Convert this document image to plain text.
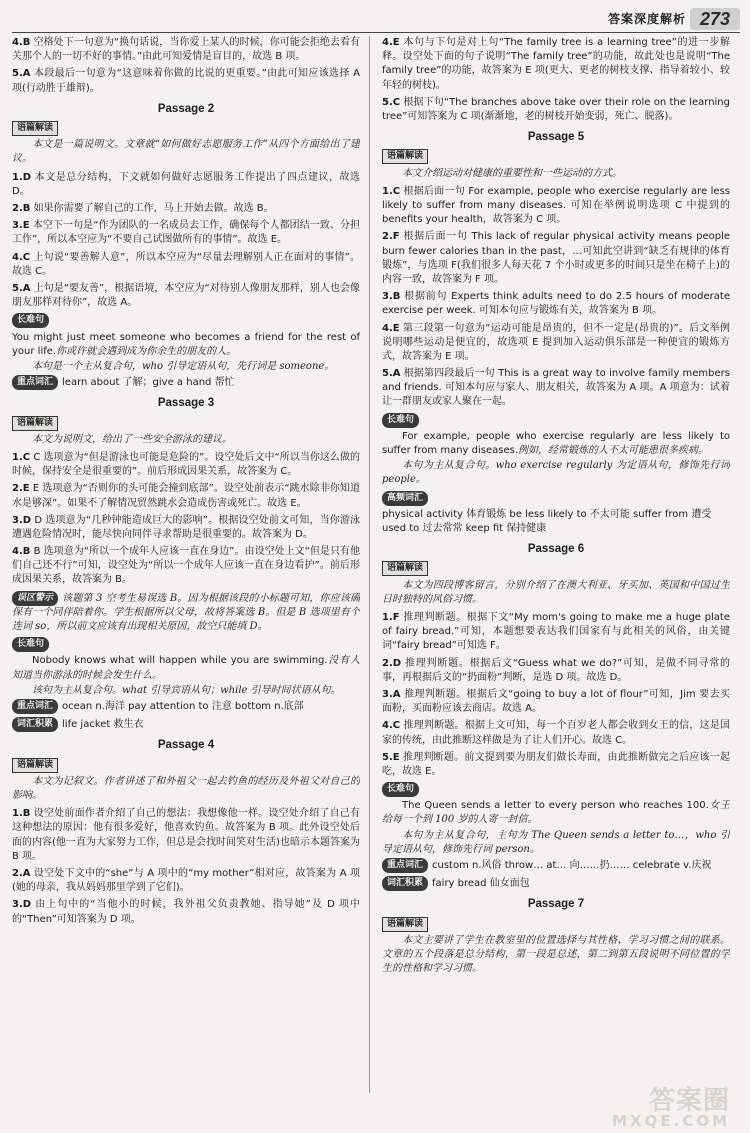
答案深度解析 273
4.B 空格处下一句意为“换句话说，当你爱上某人的时候，你可能会拒绝去看有关那个人的一切不好的事情。”由此可知爱情是盲目的，故选 B 项。
5.A 本段最后一句意为“这意味着你做的比说的更重要。”由此可知应该选择 A 项(行动胜于雄辩)。
Passage 2
语篇解读
本文是一篇说明文。文章就“如何做好志愿服务工作”从四个方面给出了建议。
1.D 本文是总分结构，下文就如何做好志愿服务工作提出了四点建议，故选 D。
2.B 如果你需要了解自己的工作，马上开始去做。故选 B。
3.E 本空下一句是“作为团队的一名成员去工作，确保每个人都团结一致、分担工作”，所以本空应为“不要自己试图做所有的事情”。故选 E。
4.C 上句说“要善解人意”，所以本空应为“尽量去理解别人正在面对的事情”。故选 C。
5.A 上句是“要友善”，根据语境，本空应为“对待别人像朋友那样，别人也会像朋友那样对待你”，故选 A。
长难句
You might just meet someone who becomes a friend for the rest of your life.你或许就会遇到成为你余生的朋友的人。
本句是一个主从复合句，who 引导定语从句，先行词是 someone。
重点词汇 learn about 了解；give a hand 帮忙
Passage 3
语篇解读
本文为说明文，给出了一些安全游泳的建议。
1.C C 选项意为“但是游泳也可能是危险的”。设空处后文中“所以当你这么做的时候，保持安全是很重要的”。前后形成因果关系，故答案为 C。
2.E E 选项意为“否则你的头可能会撞到底部”。设空处前表示“跳水除非你知道水是够深”。如果不了解情况贸然跳水会造成伤害或死亡。故选 E。
3.D D 选项意为“几秒钟能造成巨大的影响”。根据设空处前文可知，当你游泳遭遇危险情况时，能尽快向同伴寻求帮助是很重要的。故答案为 D。
4.B B 选项意为“所以一个成年人应该一直在身边”。由设空处上文“但是只有他们自己还不行”可知，设空处为“所以一个成年人应该一直在身边看护”。前后形成因果关系，故答案为 B。
误区警示 该题第 3 空考生易误选 B。因为根据该段的小标题可知，你应该确保有一个同伴陪着你。学生根据所以父母，故将答案选 B。但是 B 选项里有个连词 so，所以前文应该有出现相关原因，故空只能填 D。
长难句
Nobody knows what will happen while you are swimming.没有人知道当你游泳的时候会发生什么。
该句为主从复合句。what 引导宾语从句；while 引导时间状语从句。
重点词汇 ocean n.海洋 pay attention to 注意 bottom n.底部
词汇积累 life jacket 救生衣
Passage 4
语篇解读
本文为记叙文。作者讲述了和外祖父一起去钓鱼的经历及外祖父对自己的影响。
1.B 设空处前面作者介绍了自己的想法：我想像他一样。设空处介绍了自己有这种想法的原因：他有很多爱好，他喜欢钓鱼。故答案为 B 项。此外设空处后面的内容(他一直为大家努力工作，但总是会找时间笑对生活)也暗示本题答案为 B 项。
2.A 设空处下文中的“she”与 A 项中的“my mother”相对应，故答案为 A 项(她的母亲，我从妈妈那里学到了它们)。
3.D 由上句中的“当他小的时候，我外祖父负责教她、指导她”及 D 项中的“Then”可知答案为 D 项。
4.E 本句与下句是对上句“The family tree is a learning tree”的进一步解释。设空处下面的句子说明“The family tree”的功能，故此处也是说明“The family tree”的功能，故答案为 E 项(更大、更老的树枝支撑、指导着较小、较年轻的树枝)。
5.C 根据下句“The branches above take over their role on the learning tree”可知答案为 C 项(渐渐地，老的树枝开始变弱，死亡、脱落)。
Passage 5
语篇解读
本文介绍运动对健康的重要性和一些运动的方式。
1.C 根据后面一句 For example, people who exercise regularly are less likely to suffer from many diseases. 可知在举例说明选项 C 中提到的 benefits your health，故答案为 C 项。
2.F 根据后面一句 This lack of regular physical activity means people burn fewer calories than in the past，…可知此空讲到“缺乏有规律的体育锻炼”，与选项 F(我们很多人每天花 7 个小时或更多的时间只是坐在椅子上)的内容一致，故答案为 F 项。
3.B 根据前句 Experts think adults need to do 2.5 hours of moderate exercise per week. 可知本句应与锻炼有关，故答案为 B 项。
4.E 第三段第一句意为“运动可能是昂贵的，但不一定是(昂贵的)”。后文举例说明哪些运动是便宜的，故选项 E 提到加入运动俱乐部是一种便宜的锻炼方式，故答案为 E 项。
5.A 根据第四段最后一句 This is a great way to involve family members and friends. 可知本句应与家人、朋友相关，故答案为 A 项。A 项意为：试着让一群朋友或家人聚在一起。
长难句
For example, people who exercise regularly are less likely to suffer from many diseases.例如，经常锻炼的人不太可能患很多疾病。
本句为主从复合句。who exercise regularly 为定语从句，修饰先行词 people。
高频词汇
physical activity 体育锻炼 be less likely to 不太可能 suffer from 遭受 used to 过去常常 keep fit 保持健康
Passage 6
语篇解读
本文为四段博客留言，分别介绍了在澳大利亚、牙买加、英国和中国过生日时独特的风俗习惯。
1.F 推理判断题。根据下文“My mom's going to make me a huge plate of fairy bread.”可知，本题想要表达我们国家有与此相关的风俗，由关键词“fairy bread”可知选 F。
2.D 推理判断题。根据后文“Guess what we do?”可知，是做不同寻常的事，再根据后文的“扔面粉”判断，是选 D 项。故选 D。
3.A 推理判断题。根据后文“going to buy a lot of flour”可知，Jim 要去买面粉，买面粉应该去商店。故选 A。
4.C 推理判断题。根据上文可知，每一个百岁老人都会收到女王的信，这是国家的传统，由此推断这样做是为了让人们开心。故选 C。
5.E 推理判断题。前文提到要为朋友们做长寿面，由此推断做完之后应该一起吃，故选 E。
长难句
The Queen sends a letter to every person who reaches 100.女王给每一个到 100 岁的人寄一封信。
本句为主从复合句，主句为 The Queen sends a letter to…，who 引导定语从句，修饰先行词 person。
重点词汇 custom n.风俗 throw… at… 向……扔…… celebrate v.庆祝
词汇积累 fairy bread 仙女面包
Passage 7
语篇解读
本文主要讲了学生在教室里的位置选择与其性格、学习习惯之间的联系。文章的五个段落是总分结构，第一段是总述，第二到第五段说明不同位置的学生的性格和学习习惯。
答案圈
MXQE.COM
